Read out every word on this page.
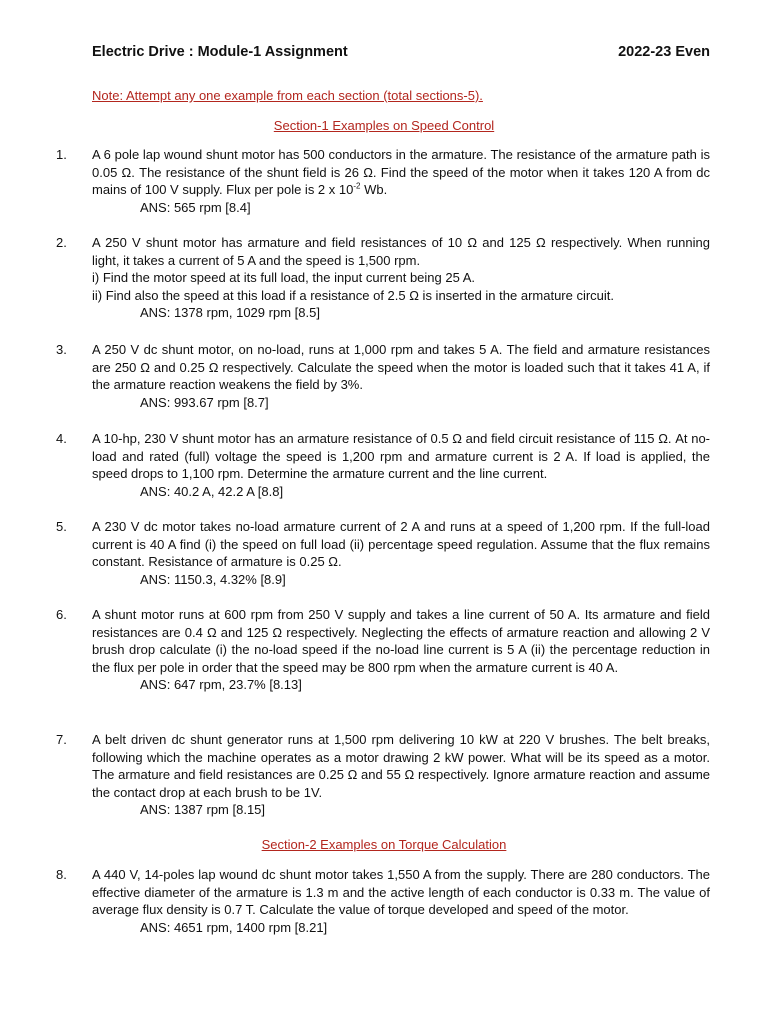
Electric Drive : Module-1 Assignment	2022-23 Even
Note: Attempt any one example from each section (total sections-5).
Section-1 Examples on Speed Control
1. A 6 pole lap wound shunt motor has 500 conductors in the armature. The resistance of the armature path is 0.05 Ω. The resistance of the shunt field is 26 Ω. Find the speed of the motor when it takes 120 A from dc mains of 100 V supply. Flux per pole is 2 x $10^{-2}$ Wb.
ANS: 565 rpm [8.4]
2. A 250 V shunt motor has armature and field resistances of 10 Ω and 125 Ω respectively. When running light, it takes a current of 5 A and the speed is 1,500 rpm.
i) Find the motor speed at its full load, the input current being 25 A.
ii) Find also the speed at this load if a resistance of 2.5 Ω is inserted in the armature circuit.
ANS: 1378 rpm, 1029 rpm [8.5]
3. A 250 V dc shunt motor, on no-load, runs at 1,000 rpm and takes 5 A. The field and armature resistances are 250 Ω and 0.25 Ω respectively. Calculate the speed when the motor is loaded such that it takes 41 A, if the armature reaction weakens the field by 3%.
ANS: 993.67 rpm [8.7]
4. A 10-hp, 230 V shunt motor has an armature resistance of 0.5 Ω and field circuit resistance of 115 Ω. At no-load and rated (full) voltage the speed is 1,200 rpm and armature current is 2 A. If load is applied, the speed drops to 1,100 rpm. Determine the armature current and the line current.
ANS: 40.2 A, 42.2 A [8.8]
5. A 230 V dc motor takes no-load armature current of 2 A and runs at a speed of 1,200 rpm. If the full-load current is 40 A find (i) the speed on full load (ii) percentage speed regulation. Assume that the flux remains constant. Resistance of armature is 0.25 Ω.
ANS: 1150.3, 4.32% [8.9]
6. A shunt motor runs at 600 rpm from 250 V supply and takes a line current of 50 A. Its armature and field resistances are 0.4 Ω and 125 Ω respectively. Neglecting the effects of armature reaction and allowing 2 V brush drop calculate (i) the no-load speed if the no-load line current is 5 A (ii) the percentage reduction in the flux per pole in order that the speed may be 800 rpm when the armature current is 40 A.
ANS: 647 rpm, 23.7% [8.13]
7. A belt driven dc shunt generator runs at 1,500 rpm delivering 10 kW at 220 V brushes. The belt breaks, following which the machine operates as a motor drawing 2 kW power. What will be its speed as a motor. The armature and field resistances are 0.25 Ω and 55 Ω respectively. Ignore armature reaction and assume the contact drop at each brush to be 1V.
ANS: 1387 rpm [8.15]
Section-2 Examples on Torque Calculation
8. A 440 V, 14-poles lap wound dc shunt motor takes 1,550 A from the supply. There are 280 conductors. The effective diameter of the armature is 1.3 m and the active length of each conductor is 0.33 m. The value of average flux density is 0.7 T. Calculate the value of torque developed and speed of the motor.
ANS: 4651 rpm, 1400 rpm [8.21]
